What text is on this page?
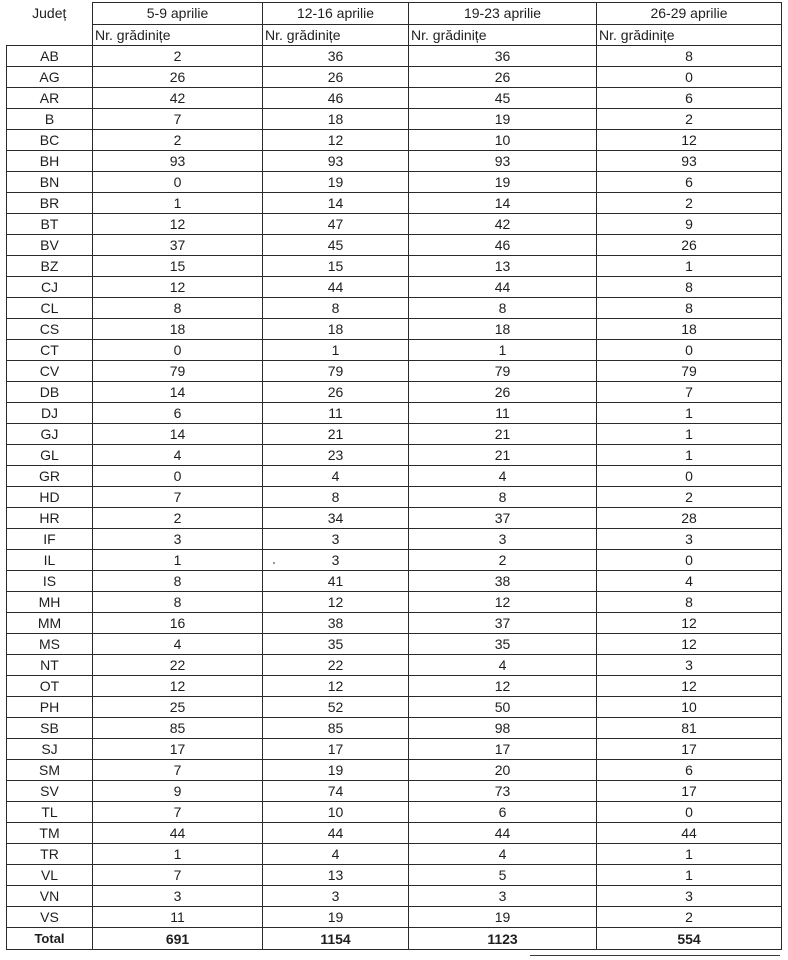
Județ	5-9 aprilie	12-16 aprilie	19-23 aprilie	26-29 aprilie
	Nr. grădinițe	Nr. grădinițe	Nr. grădinițe	Nr. grădinițe
AB	2	36	36	8
AG	26	26	26	0
AR	42	46	45	6
B	7	18	19	2
BC	2	12	10	12
BH	93	93	93	93
BN	0	19	19	6
BR	1	14	14	2
BT	12	47	42	9
BV	37	45	46	26
BZ	15	15	13	1
CJ	12	44	44	8
CL	8	8	8	8
CS	18	18	18	18
CT	0	1	1	0
CV	79	79	79	79
DB	14	26	26	7
DJ	6	11	11	1
GJ	14	21	21	1
GL	4	23	21	1
GR	0	4	4	0
HD	7	8	8	2
HR	2	34	37	28
IF	3	3	3	3
IL	1	3	2	0
IS	8	41	38	4
MH	8	12	12	8
MM	16	38	37	12
MS	4	35	35	12
NT	22	22	4	3
OT	12	12	12	12
PH	25	52	50	10
SB	85	85	98	81
SJ	17	17	17	17
SM	7	19	20	6
SV	9	74	73	17
TL	7	10	6	0
TM	44	44	44	44
TR	1	4	4	1
VL	7	13	5	1
VN	3	3	3	3
VS	11	19	19	2
Total	691	1154	1123	554
